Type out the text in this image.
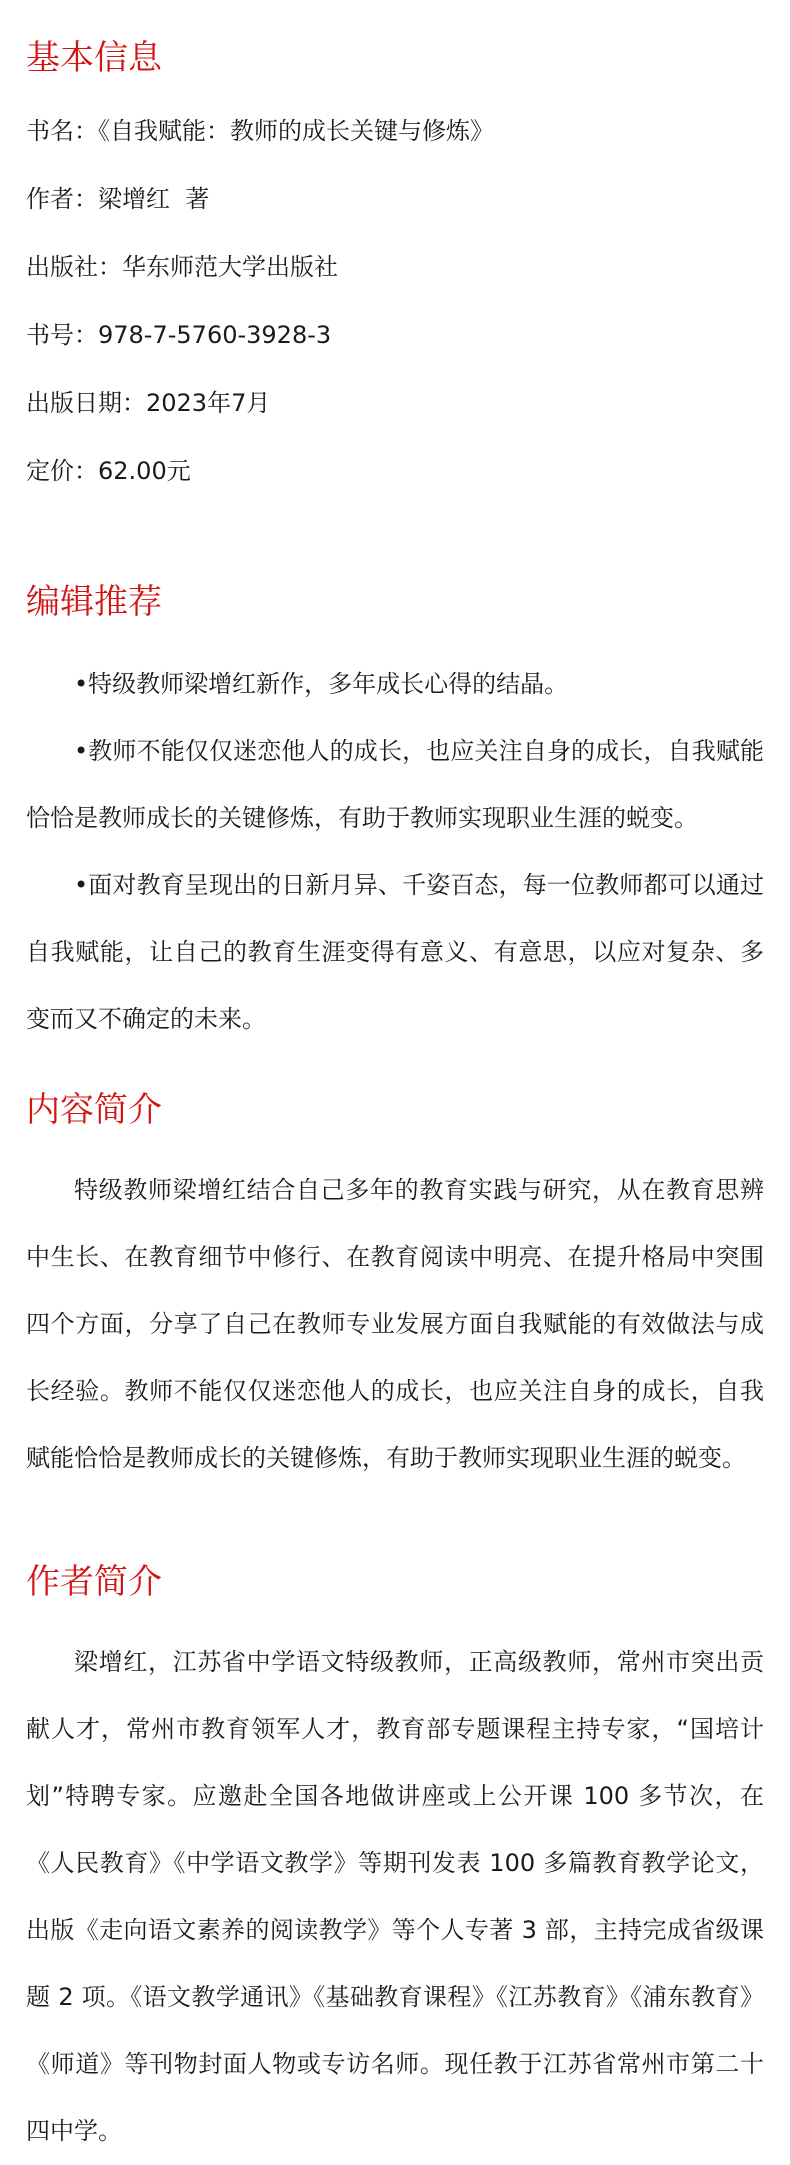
基本信息

书名：《自我赋能：教师的成长关键与修炼》

作者：梁增红  著

出版社：华东师范大学出版社

书号：978-7-5760-3928-3

出版日期：2023年7月

定价：62.00元

编辑推荐

•特级教师梁增红新作，多年成长心得的结晶。

•教师不能仅仅迷恋他人的成长，也应关注自身的成长，自我赋能恰恰是教师成长的关键修炼，有助于教师实现职业生涯的蜕变。

•面对教育呈现出的日新月异、千姿百态，每一位教师都可以通过自我赋能，让自己的教育生涯变得有意义、有意思，以应对复杂、多变而又不确定的未来。

内容简介

特级教师梁增红结合自己多年的教育实践与研究，从在教育思辨中生长、在教育细节中修行、在教育阅读中明亮、在提升格局中突围四个方面，分享了自己在教师专业发展方面自我赋能的有效做法与成长经验。教师不能仅仅迷恋他人的成长，也应关注自身的成长，自我赋能恰恰是教师成长的关键修炼，有助于教师实现职业生涯的蜕变。

作者简介

梁增红，江苏省中学语文特级教师，正高级教师，常州市突出贡献人才，常州市教育领军人才，教育部专题课程主持专家，“国培计划”特聘专家。应邀赴全国各地做讲座或上公开课 100 多节次，在《人民教育》《中学语文教学》等期刊发表 100 多篇教育教学论文，出版《走向语文素养的阅读教学》等个人专著 3 部，主持完成省级课题 2 项。《语文教学通讯》《基础教育课程》《江苏教育》《浦东教育》《师道》等刊物封面人物或专访名师。现任教于江苏省常州市第二十四中学。
